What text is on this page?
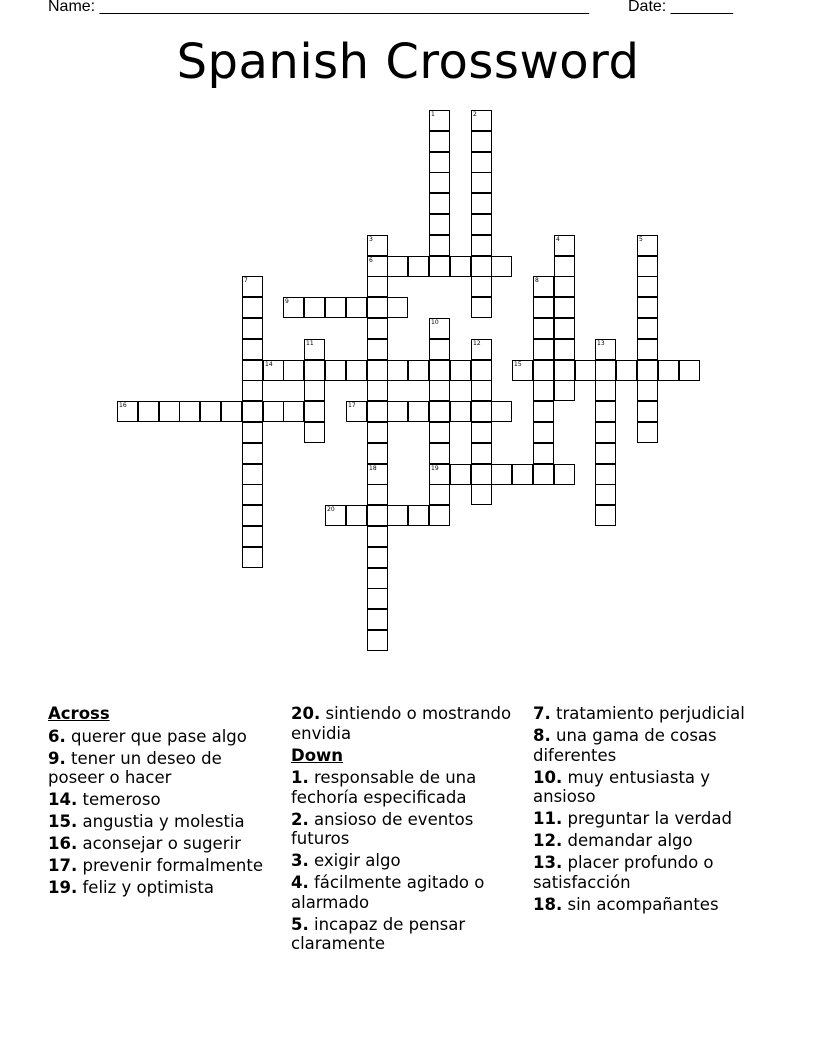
Name: _______________________________________________________ Date: _______
Spanish Crossword
1	2
3
6
18
4	5
7	8
9
10
19
11	12	13
14	15
16	17
20
Across
6. querer que pase algo
9. tener un deseo de poseer o hacer
14. temeroso
15. angustia y molestia
16. aconsejar o sugerir
17. prevenir formalmente
19. feliz y optimista
20. sintiendo o mostrando envidia
Down
1. responsable de una fechoría especificada
2. ansioso de eventos futuros
3. exigir algo
4. fácilmente agitado o alarmado
5. incapaz de pensar claramente
7. tratamiento perjudicial
8. una gama de cosas diferentes
10. muy entusiasta y ansioso
11. preguntar la verdad
12. demandar algo
13. placer profundo o satisfacción
18. sin acompañantes
